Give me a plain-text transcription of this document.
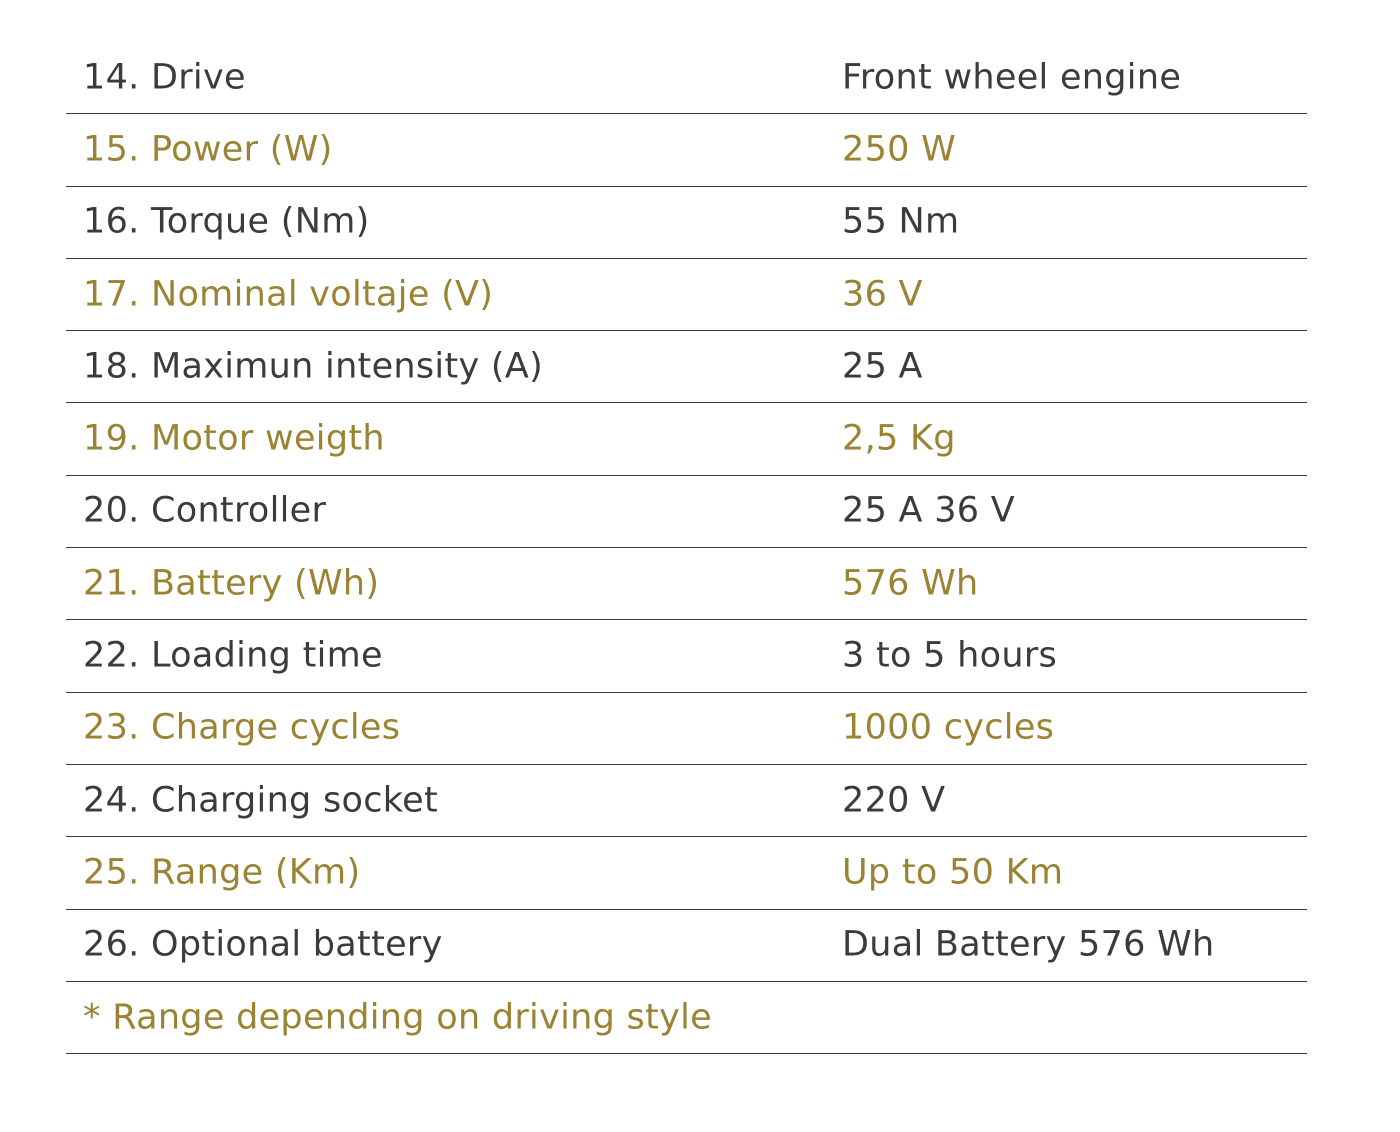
14. Drive	Front wheel engine
15. Power (W)	250 W
16. Torque (Nm)	55 Nm
17. Nominal voltaje (V)	36 V
18. Maximun intensity (A)	25 A
19. Motor weigth	2,5 Kg
20. Controller	25 A 36 V
21. Battery (Wh)	576 Wh
22. Loading time	3 to 5 hours
23. Charge cycles	1000 cycles
24. Charging socket	220 V
25. Range (Km)	Up to 50 Km
26. Optional battery	Dual Battery 576 Wh
* Range depending on driving style
